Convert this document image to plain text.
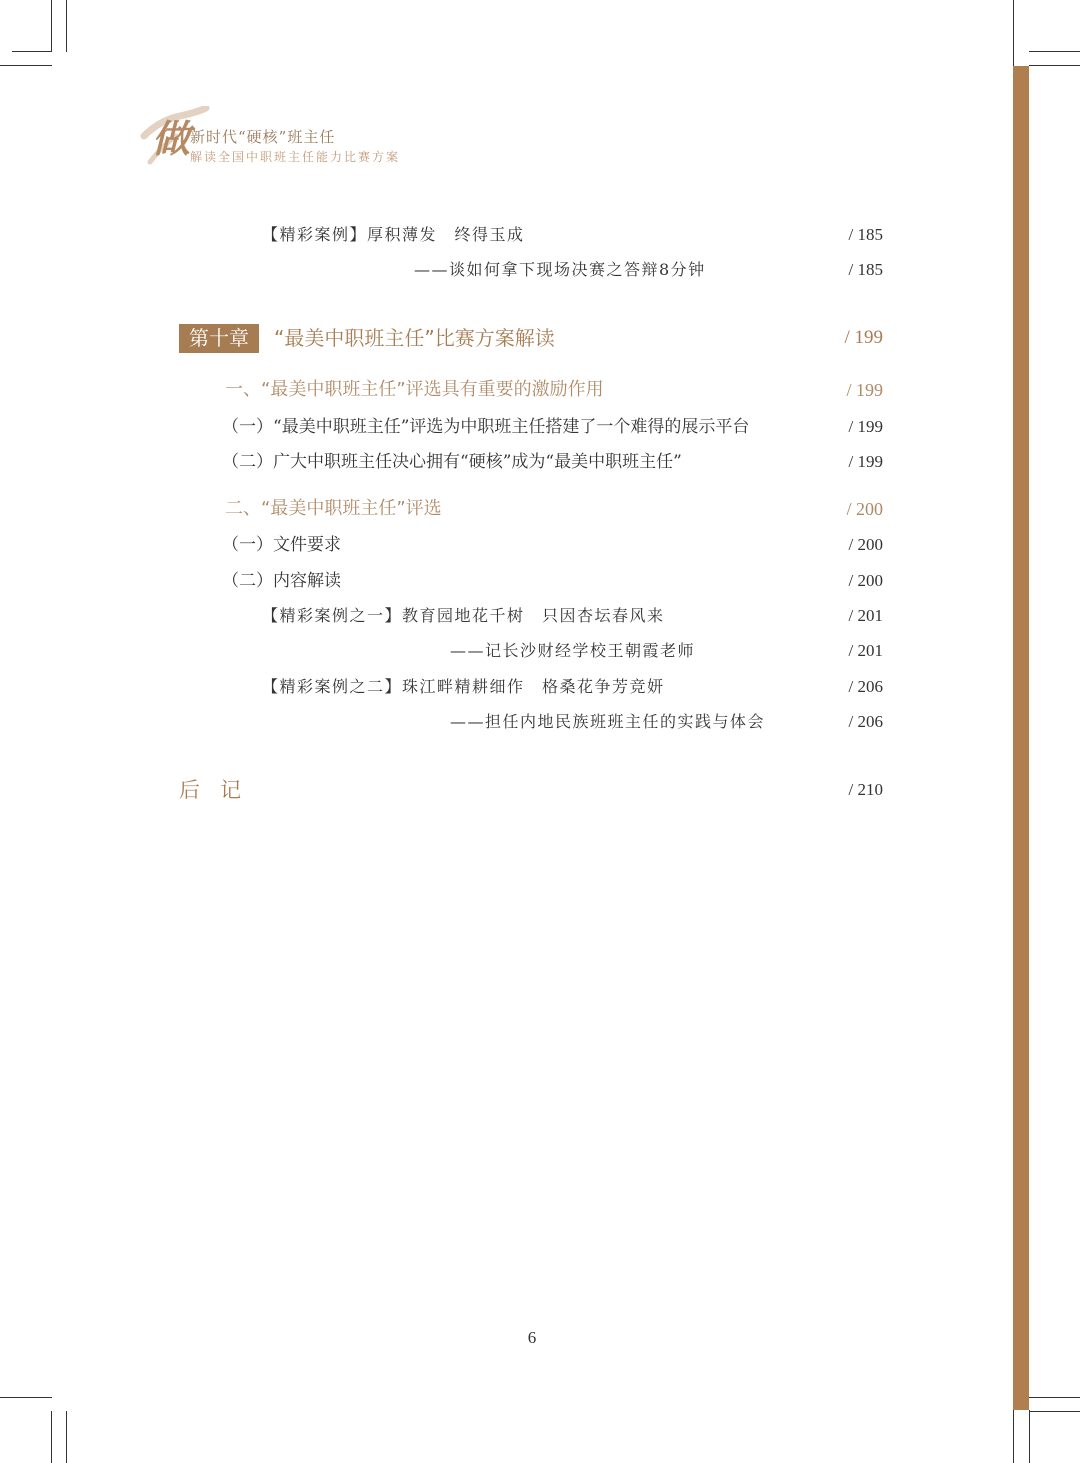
做 新时代“硬核”班主任
解读全国中职班主任能力比赛方案
【精彩案例】厚积薄发　终得玉成	/ 185
——谈如何拿下现场决赛之答辩8分钟	/ 185
第十章	“最美中职班主任”比赛方案解读	/ 199
一、“最美中职班主任”评选具有重要的激励作用	/ 199
（一）“最美中职班主任”评选为中职班主任搭建了一个难得的展示平台	/ 199
（二）广大中职班主任决心拥有“硬核”成为“最美中职班主任”	/ 199
二、“最美中职班主任”评选	/ 200
（一）文件要求	/ 200
（二）内容解读	/ 200
【精彩案例之一】教育园地花千树　只因杏坛春风来	/ 201
——记长沙财经学校王朝霞老师	/ 201
【精彩案例之二】珠江畔精耕细作　格桑花争芳竞妍	/ 206
——担任内地民族班班主任的实践与体会	/ 206
后记	/ 210
6
